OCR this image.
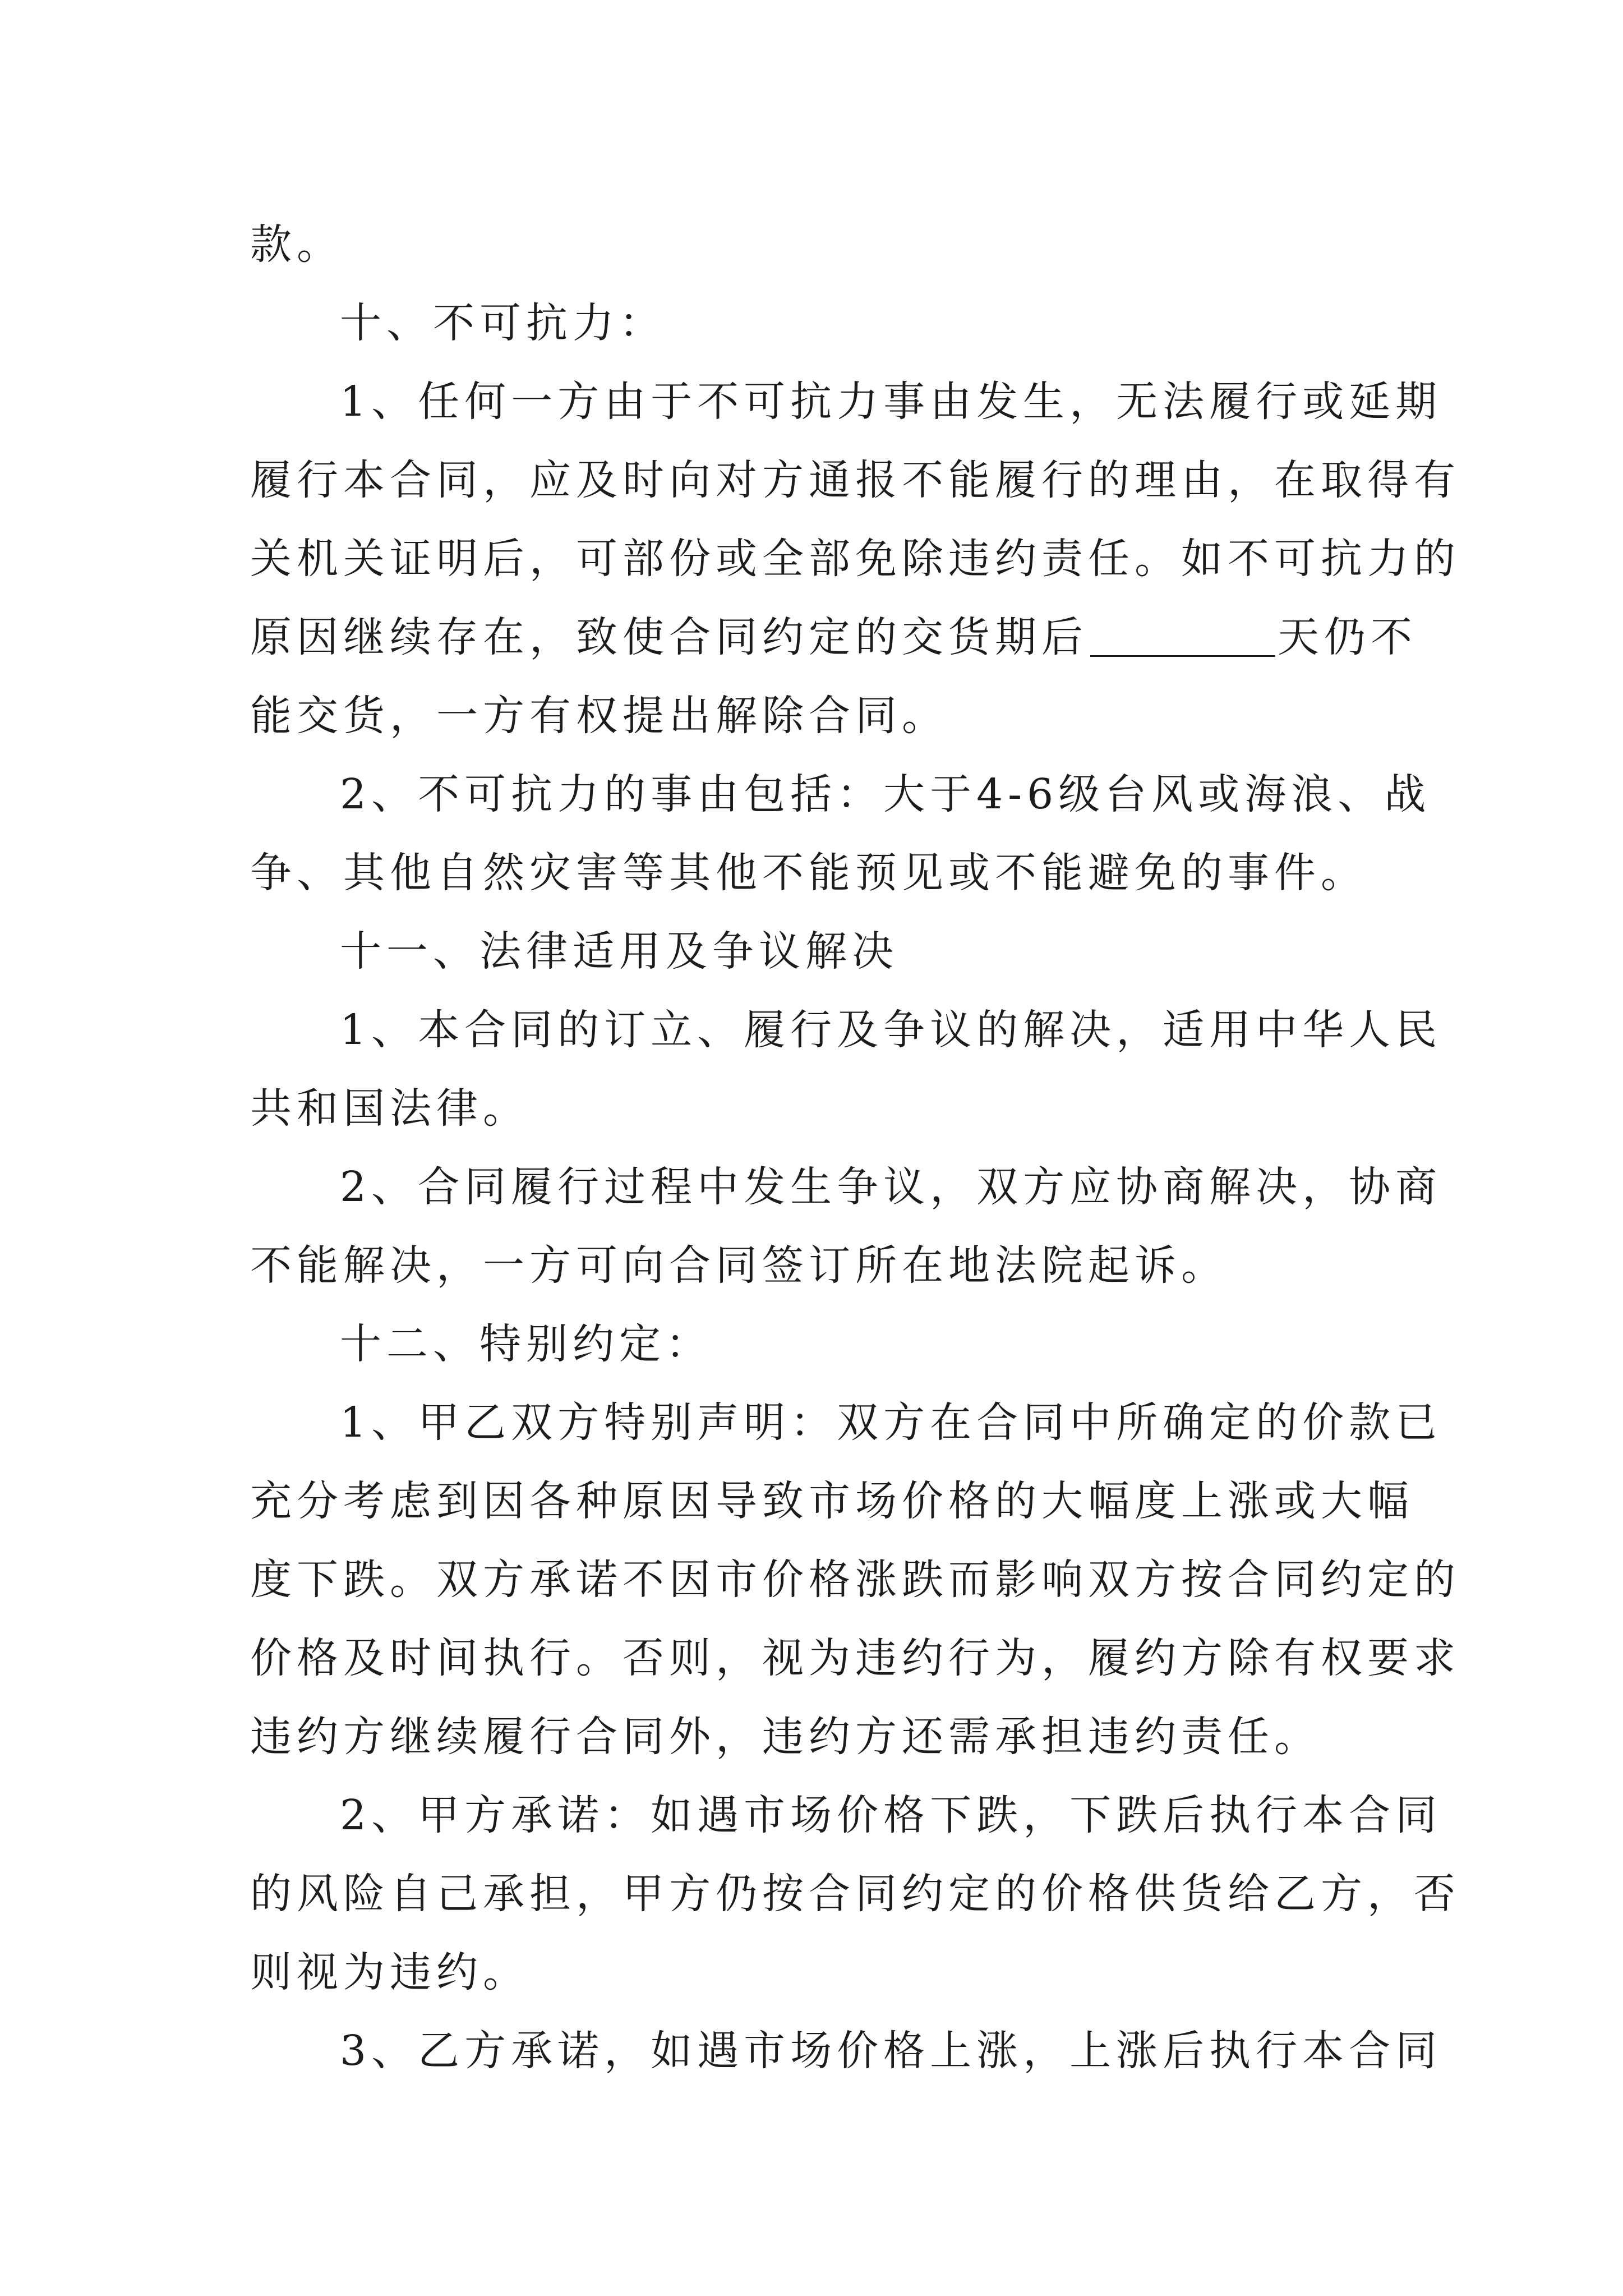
款。
十、不可抗力：
1、任何一方由于不可抗力事由发生，无法履行或延期
履行本合同，应及时向对方通报不能履行的理由，在取得有
关机关证明后，可部份或全部免除违约责任。如不可抗力的
原因继续存在，致使合同约定的交货期后	天仍不
能交货，一方有权提出解除合同。
2、不可抗力的事由包括：大于4-6级台风或海浪、战
争、其他自然灾害等其他不能预见或不能避免的事件。
十一、法律适用及争议解决
1、本合同的订立、履行及争议的解决，适用中华人民
共和国法律。
2、合同履行过程中发生争议，双方应协商解决，协商
不能解决，一方可向合同签订所在地法院起诉。
十二、特别约定：
1、甲乙双方特别声明：双方在合同中所确定的价款已
充分考虑到因各种原因导致市场价格的大幅度上涨或大幅
度下跌。双方承诺不因市价格涨跌而影响双方按合同约定的
价格及时间执行。否则，视为违约行为，履约方除有权要求
违约方继续履行合同外，违约方还需承担违约责任。
2、甲方承诺：如遇市场价格下跌，下跌后执行本合同
的风险自己承担，甲方仍按合同约定的价格供货给乙方，否
则视为违约。
3、乙方承诺，如遇市场价格上涨，上涨后执行本合同
